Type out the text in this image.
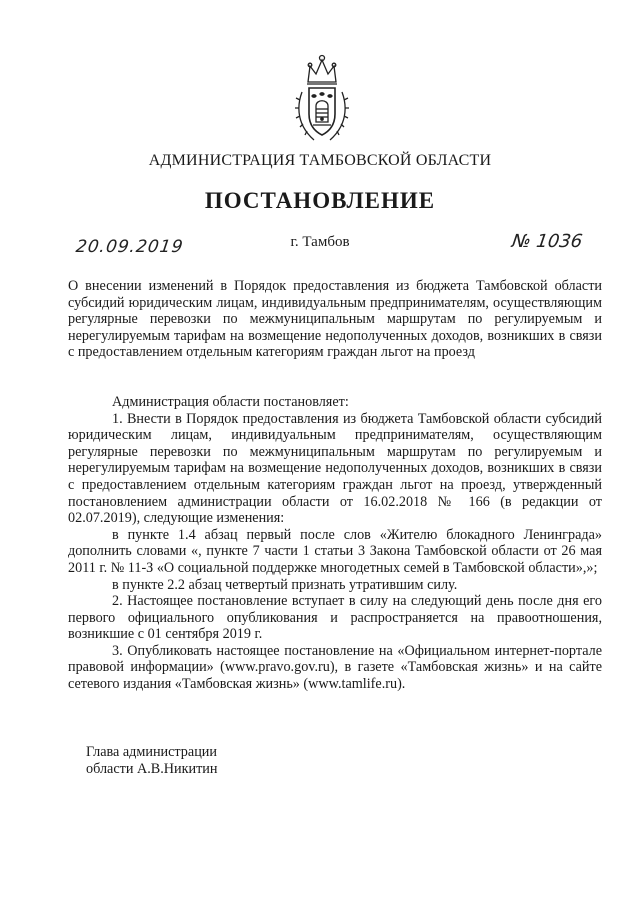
АДМИНИСТРАЦИЯ ТАМБОВСКОЙ ОБЛАСТИ
ПОСТАНОВЛЕНИЕ
20.09.2019	г. Тамбов	№ 1036

О внесении изменений в Порядок предоставления из бюджета Тамбовской области субсидий юридическим лицам, индивидуальным предпринимателям, осуществляющим регулярные перевозки по межмуниципальным маршрутам по регулируемым и нерегулируемым тарифам на возмещение недополученных доходов, возникших в связи с предоставлением отдельным категориям граждан льгот на проезд

Администрация области постановляет:

1. Внести в Порядок предоставления из бюджета Тамбовской области субсидий юридическим лицам, индивидуальным предпринимателям, осуществляющим регулярные перевозки по межмуниципальным маршрутам по регулируемым и нерегулируемым тарифам на возмещение недополученных доходов, возникших в связи с предоставлением отдельным категориям граждан льгот на проезд, утвержденный постановлением администрации области от 16.02.2018 № 166 (в редакции от 02.07.2019), следующие изменения:

в пункте 1.4 абзац первый после слов «Жителю блокадного Ленинграда» дополнить словами «, пункте 7 части 1 статьи 3 Закона Тамбовской области от 26 мая 2011 г. № 11-З «О социальной поддержке многодетных семей в Тамбовской области»,»;

в пункте 2.2 абзац четвертый признать утратившим силу.

2. Настоящее постановление вступает в силу на следующий день после дня его первого официального опубликования и распространяется на правоотношения, возникшие с 01 сентября 2019 г.

3. Опубликовать настоящее постановление на «Официальном интернет-портале правовой информации» (www.pravo.gov.ru), в газете «Тамбовская жизнь» и на сайте сетевого издания «Тамбовская жизнь» (www.tamlife.ru).

Глава администрации
области А.В.Никитин
